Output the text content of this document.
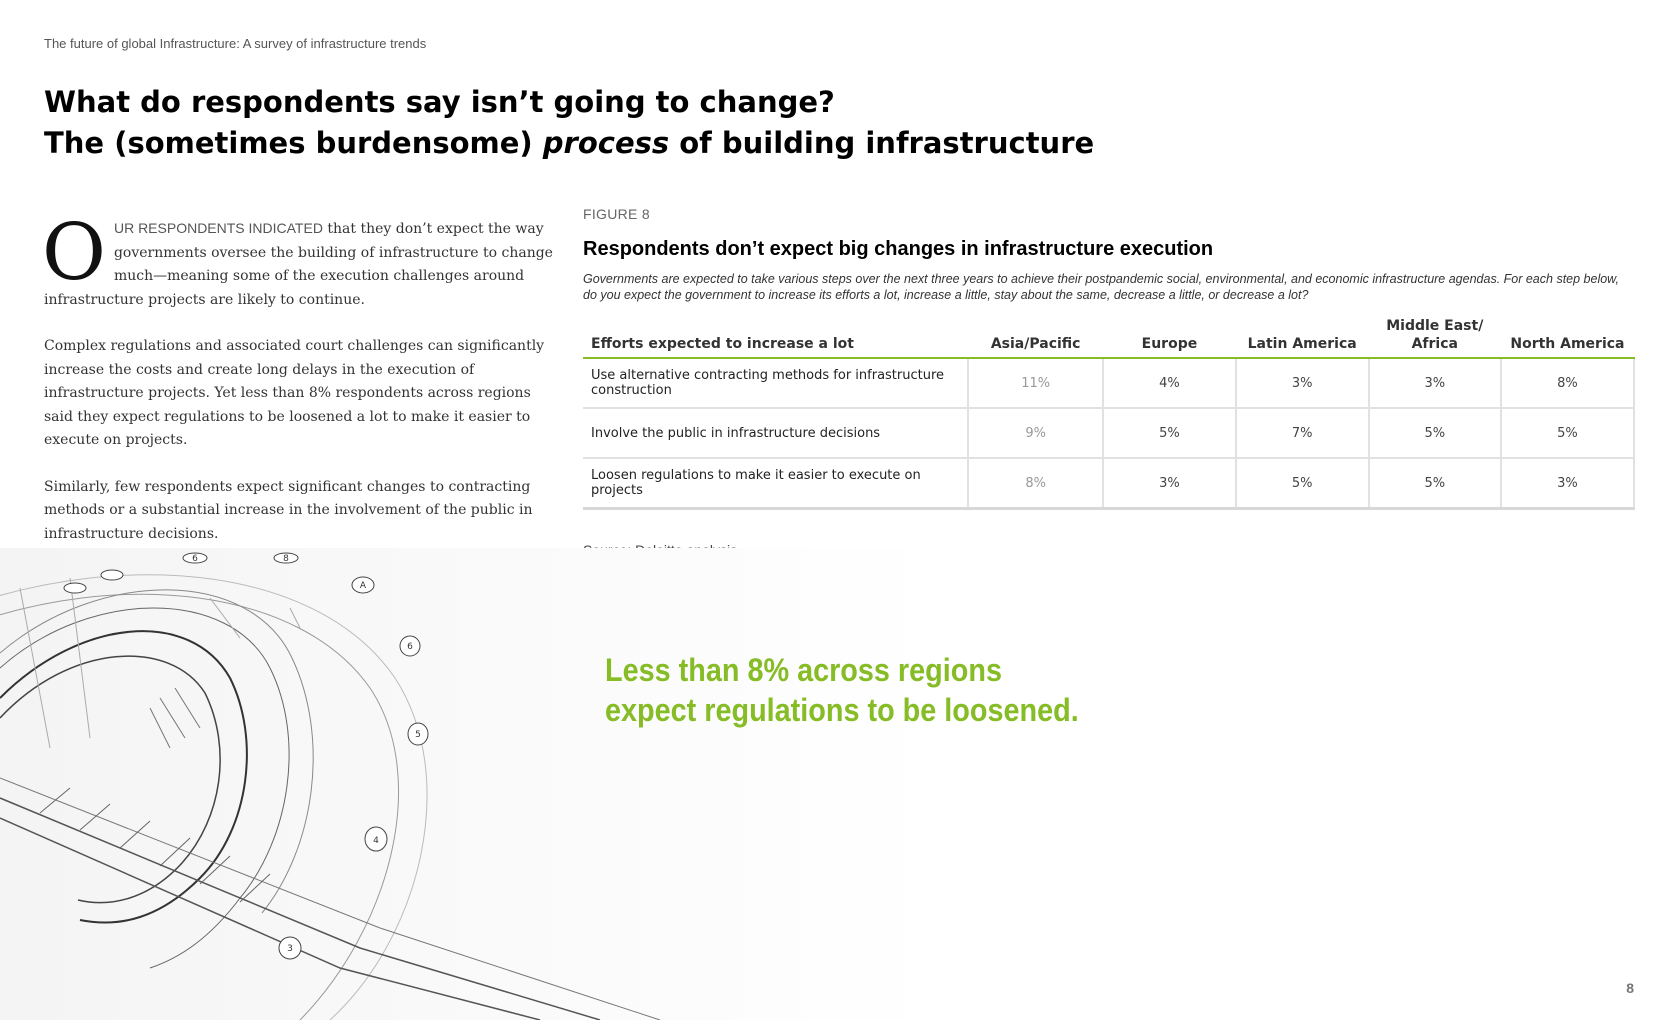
The future of global Infrastructure: A survey of infrastructure trends
What do respondents say isn’t going to change?
The (sometimes burdensome) process of building infrastructure

OUR RESPONDENTS INDICATED that they don’t expect the way governments oversee the building of infrastructure to change much—meaning some of the execution challenges around infrastructure projects are likely to continue.

Complex regulations and associated court challenges can significantly increase the costs and create long delays in the execution of infrastructure projects. Yet less than 8% respondents across regions said they expect regulations to be loosened a lot to make it easier to execute on projects.

Similarly, few respondents expect significant changes to contracting methods or a substantial increase in the involvement of the public in infrastructure decisions.

FIGURE 8
Respondents don’t expect big changes in infrastructure execution
Governments are expected to take various steps over the next three years to achieve their postpandemic social, environmental, and economic infrastructure agendas. For each step below, do you expect the government to increase its efforts a lot, increase a little, stay about the same, decrease a little, or decrease a lot?
Efforts expected to increase a lot	Asia/Pacific	Europe	Latin America	Middle East/ Africa	North America
Use alternative contracting methods for infrastructure construction	11%	4%	3%	3%	8%
Involve the public in infrastructure decisions	9%	5%	7%	5%	5%
Loosen regulations to make it easier to execute on projects	8%	3%	5%	5%	3%
6	8
A
6
5
4
3
Less than 8% across regions
expect regulations to be loosened.
8
